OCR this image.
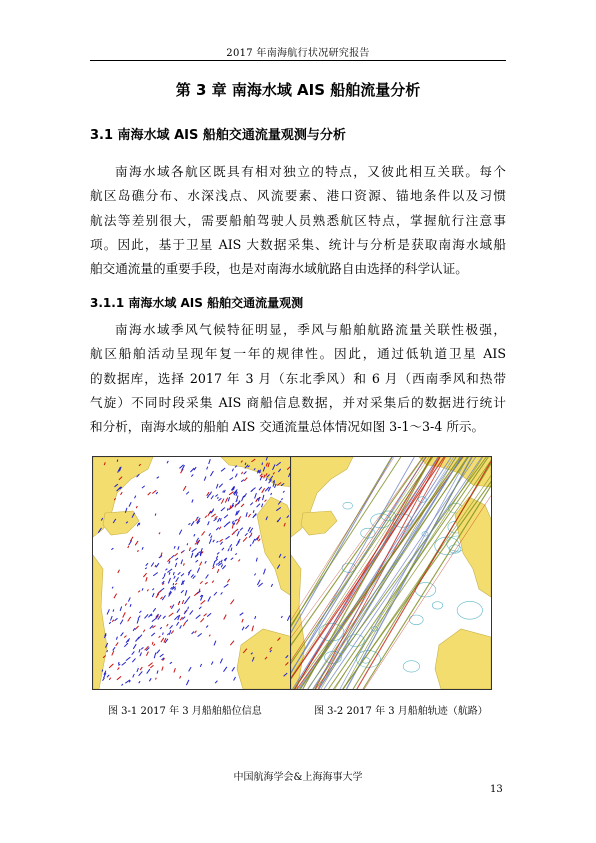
2017 年南海航行状况研究报告
第 3 章 南海水域 AIS 船舶流量分析
3.1 南海水域 AIS 船舶交通流量观测与分析
南海水域各航区既具有相对独立的特点，又彼此相互关联。每个
航区岛礁分布、水深浅点、风流要素、港口资源、锚地条件以及习惯
航法等差别很大，需要船舶驾驶人员熟悉航区特点，掌握航行注意事
项。因此，基于卫星 AIS 大数据采集、统计与分析是获取南海水域船
舶交通流量的重要手段，也是对南海水域航路自由选择的科学认证。
3.1.1 南海水域 AIS 船舶交通流量观测
南海水域季风气候特征明显，季风与船舶航路流量关联性极强，
航区船舶活动呈现年复一年的规律性。因此，通过低轨道卫星 AIS
的数据库，选择 2017 年 3 月（东北季风）和 6 月（西南季风和热带
气旋）不同时段采集 AIS 商船信息数据，并对采集后的数据进行统计
和分析，南海水域的船舶 AIS 交通流量总体情况如图 3-1～3-4 所示。
图 3-1 2017 年 3 月船舶船位信息	图 3-2 2017 年 3 月船舶轨迹（航路）
中国航海学会&上海海事大学
13
